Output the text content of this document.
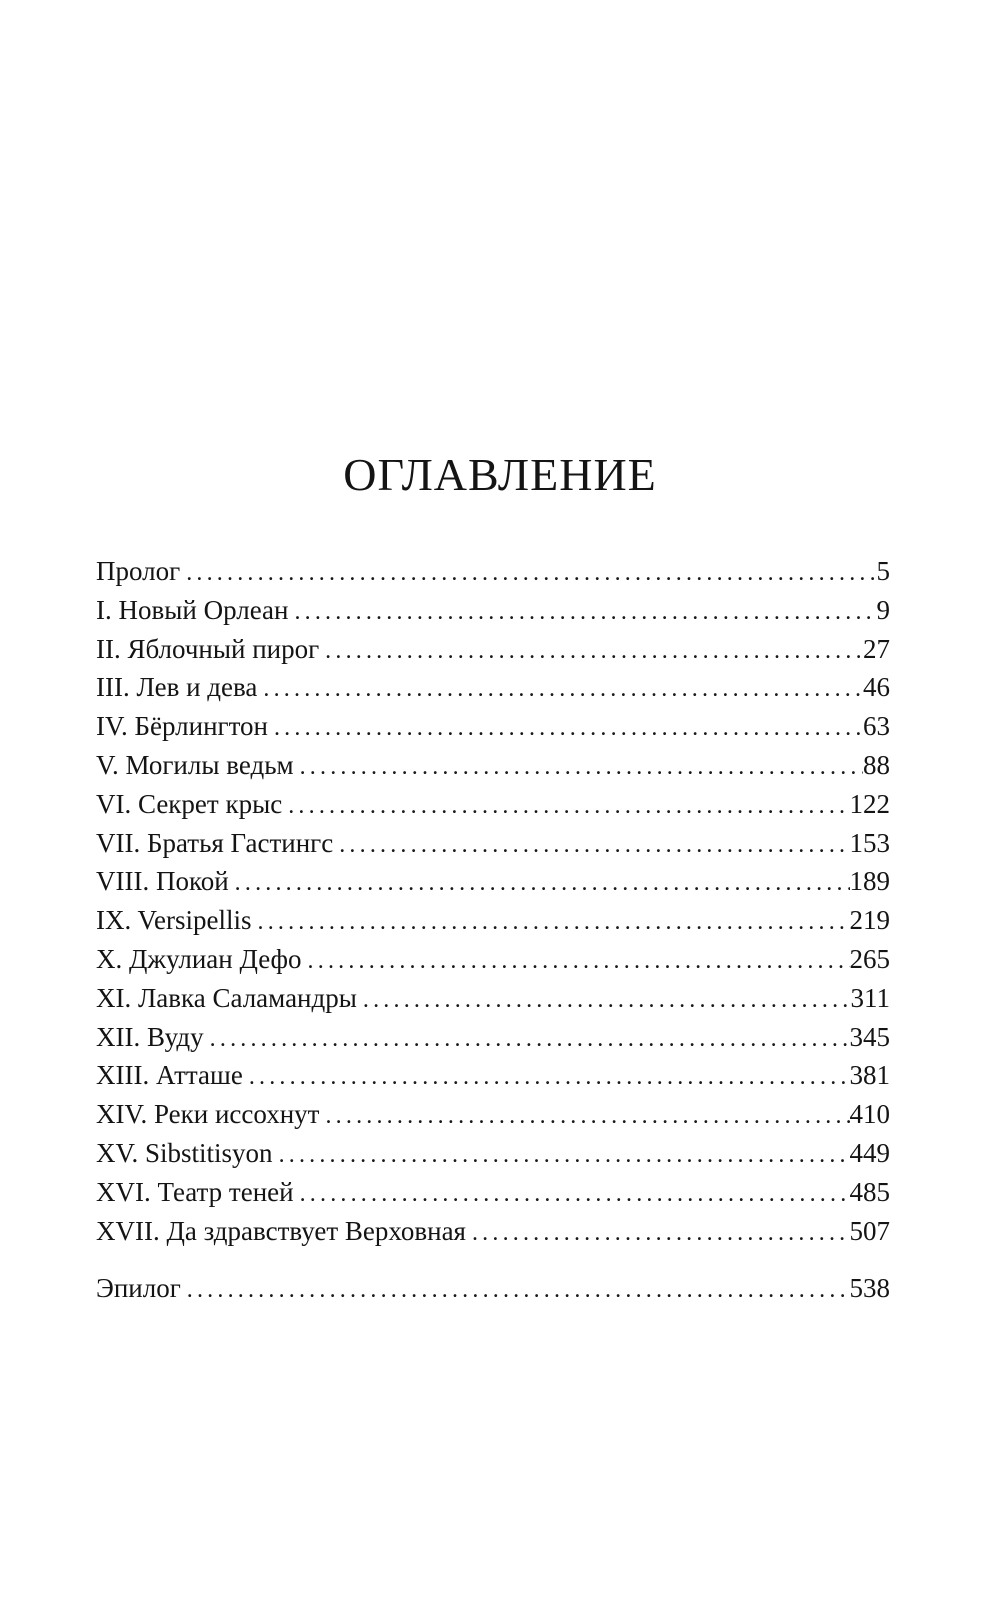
ОГЛАВЛЕНИЕ
Пролог .....	5
I. Новый Орлеан .....	9
II. Яблочный пирог .....	27
III. Лев и дева .....	46
IV. Бёрлингтон .....	63
V. Могилы ведьм .....	88
VI. Секрет крыс .....	122
VII. Братья Гастингс .....	153
VIII. Покой .....	189
IX. Versipellis .....	219
X. Джулиан Дефо .....	265
XI. Лавка Саламандры .....	311
XII. Вуду .....	345
XIII. Атташе .....	381
XIV. Реки иссохнут .....	410
XV. Sibstitisyon .....	449
XVI. Театр теней .....	485
XVII. Да здравствует Верховная .....	507
Эпилог .....	538
